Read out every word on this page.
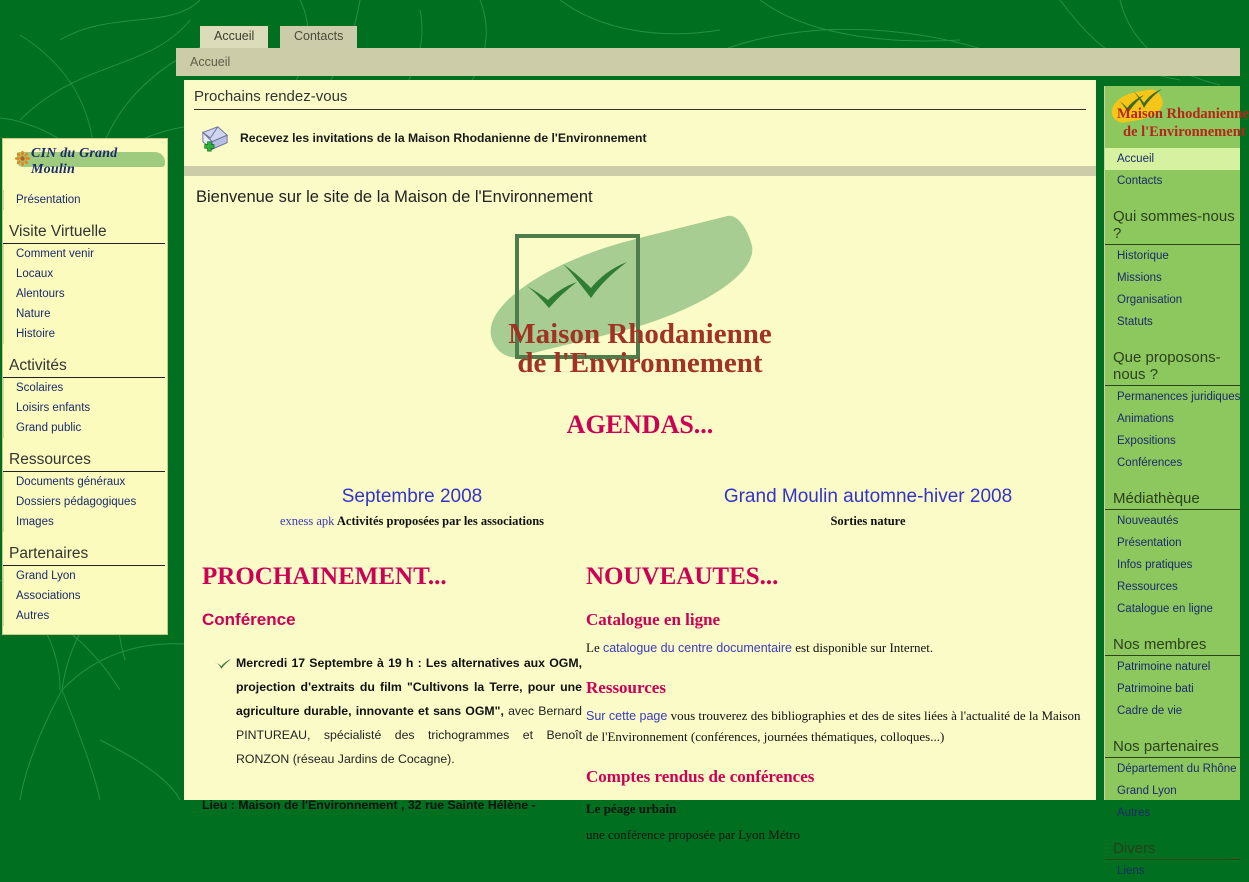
Accueil	Contacts
Accueil
CIN du Grand Moulin
Présentation
Visite Virtuelle
Comment venir
Locaux
Alentours
Nature
Histoire
Activités
Scolaires
Loisirs enfants
Grand public
Ressources
Documents généraux
Dossiers pédagogiques
Images
Partenaires
Grand Lyon
Associations
Autres
Prochains rendez-vous
Recevez les invitations de la Maison Rhodanienne de l'Environnement
Bienvenue sur le site de la Maison de l'Environnement
Maison Rhodanienne
de l'Environnement
AGENDAS...
Septembre 2008
exness apk Activités proposées par les associations
Grand Moulin automne-hiver 2008
Sorties nature
PROCHAINEMENT...
Conférence
Mercredi 17 Septembre à 19 h : Les alternatives aux OGM, projection d'extraits du film "Cultivons la Terre, pour une agriculture durable, innovante et sans OGM", avec Bernard PINTUREAU, spécialisté des trichogrammes et Benoît RONZON (réseau Jardins de Cocagne).
Lieu : Maison de l'Environnement , 32 rue Sainte Hélène -
NOUVEAUTES...
Catalogue en ligne
Le catalogue du centre documentaire est disponible sur Internet.
Ressources
Sur cette page vous trouverez des bibliographies et des de sites liées à l'actualité de la Maison de l'Environnement (conférences, journées thématiques, colloques...)
Comptes rendus de conférences
Le péage urbain
une conférence proposée par Lyon Métro
Maison Rhodanienne
de l'Environnement
Accueil
Contacts
Qui sommes-nous ?
Historique
Missions
Organisation
Statuts
Que proposons-nous ?
Permanences juridiques
Animations
Expositions
Conférences
Médiathèque
Nouveautés
Présentation
Infos pratiques
Ressources
Catalogue en ligne
Nos membres
Patrimoine naturel
Patrimoine bati
Cadre de vie
Nos partenaires
Département du Rhône
Grand Lyon
Autres
Divers
Liens
